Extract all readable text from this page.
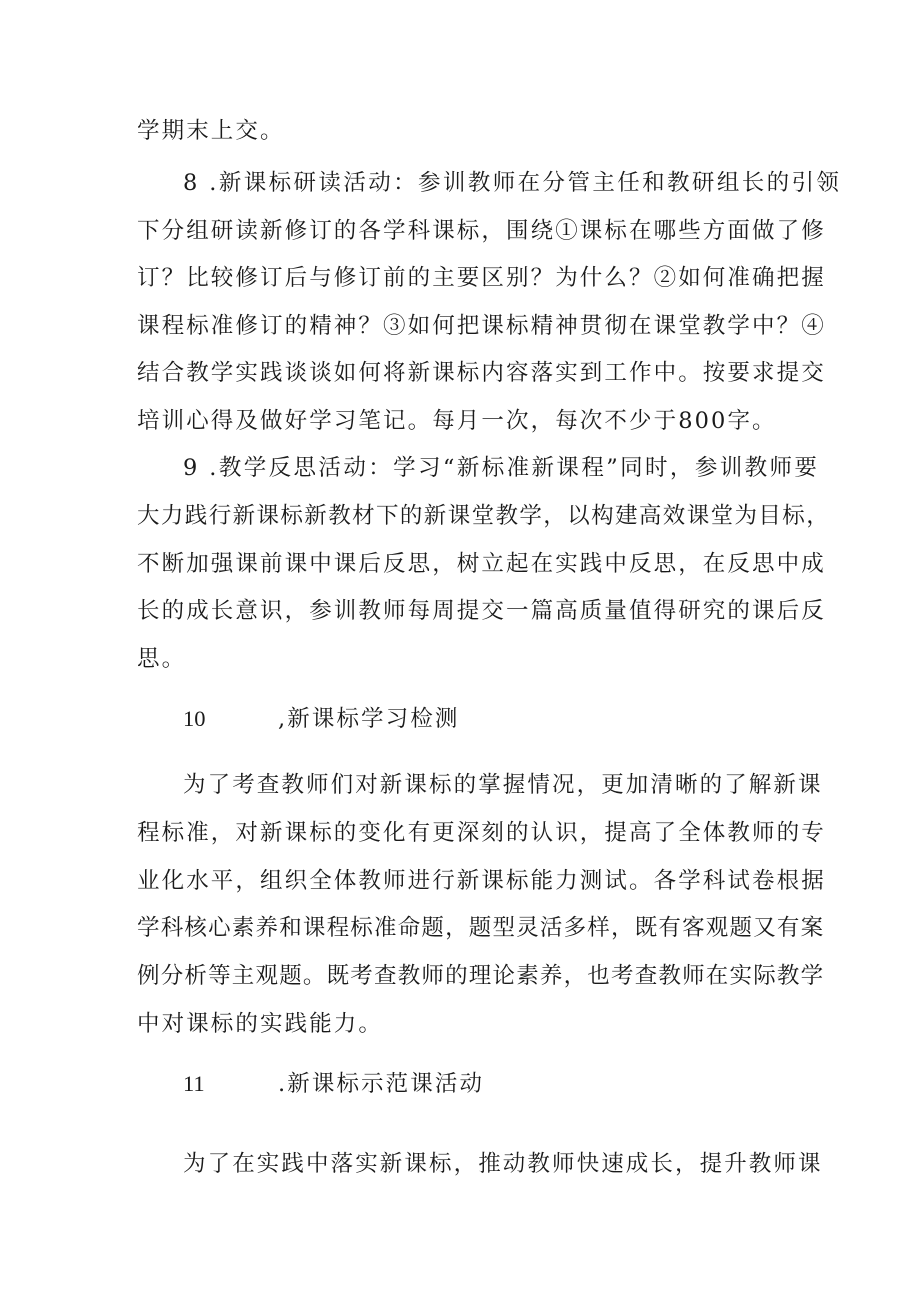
学期末上交。
8 .新课标研读活动：参训教师在分管主任和教研组长的引领
下分组研读新修订的各学科课标，围绕①课标在哪些方面做了修
订？比较修订后与修订前的主要区别？为什么？②如何准确把握
课程标准修订的精神？③如何把课标精神贯彻在课堂教学中？④
结合教学实践谈谈如何将新课标内容落实到工作中。按要求提交
培训心得及做好学习笔记。每月一次，每次不少于800字。
9 .教学反思活动：学习“新标准新课程”同时，参训教师要
大力践行新课标新教材下的新课堂教学，以构建高效课堂为目标，
不断加强课前课中课后反思，树立起在实践中反思，在反思中成
长的成长意识，参训教师每周提交一篇高质量值得研究的课后反
思。
10	,新课标学习检测
为了考查教师们对新课标的掌握情况，更加清晰的了解新课
程标准，对新课标的变化有更深刻的认识，提高了全体教师的专
业化水平，组织全体教师进行新课标能力测试。各学科试卷根据
学科核心素养和课程标准命题，题型灵活多样，既有客观题又有案
例分析等主观题。既考查教师的理论素养，也考查教师在实际教学
中对课标的实践能力。
11	.新课标示范课活动
为了在实践中落实新课标，推动教师快速成长，提升教师课
